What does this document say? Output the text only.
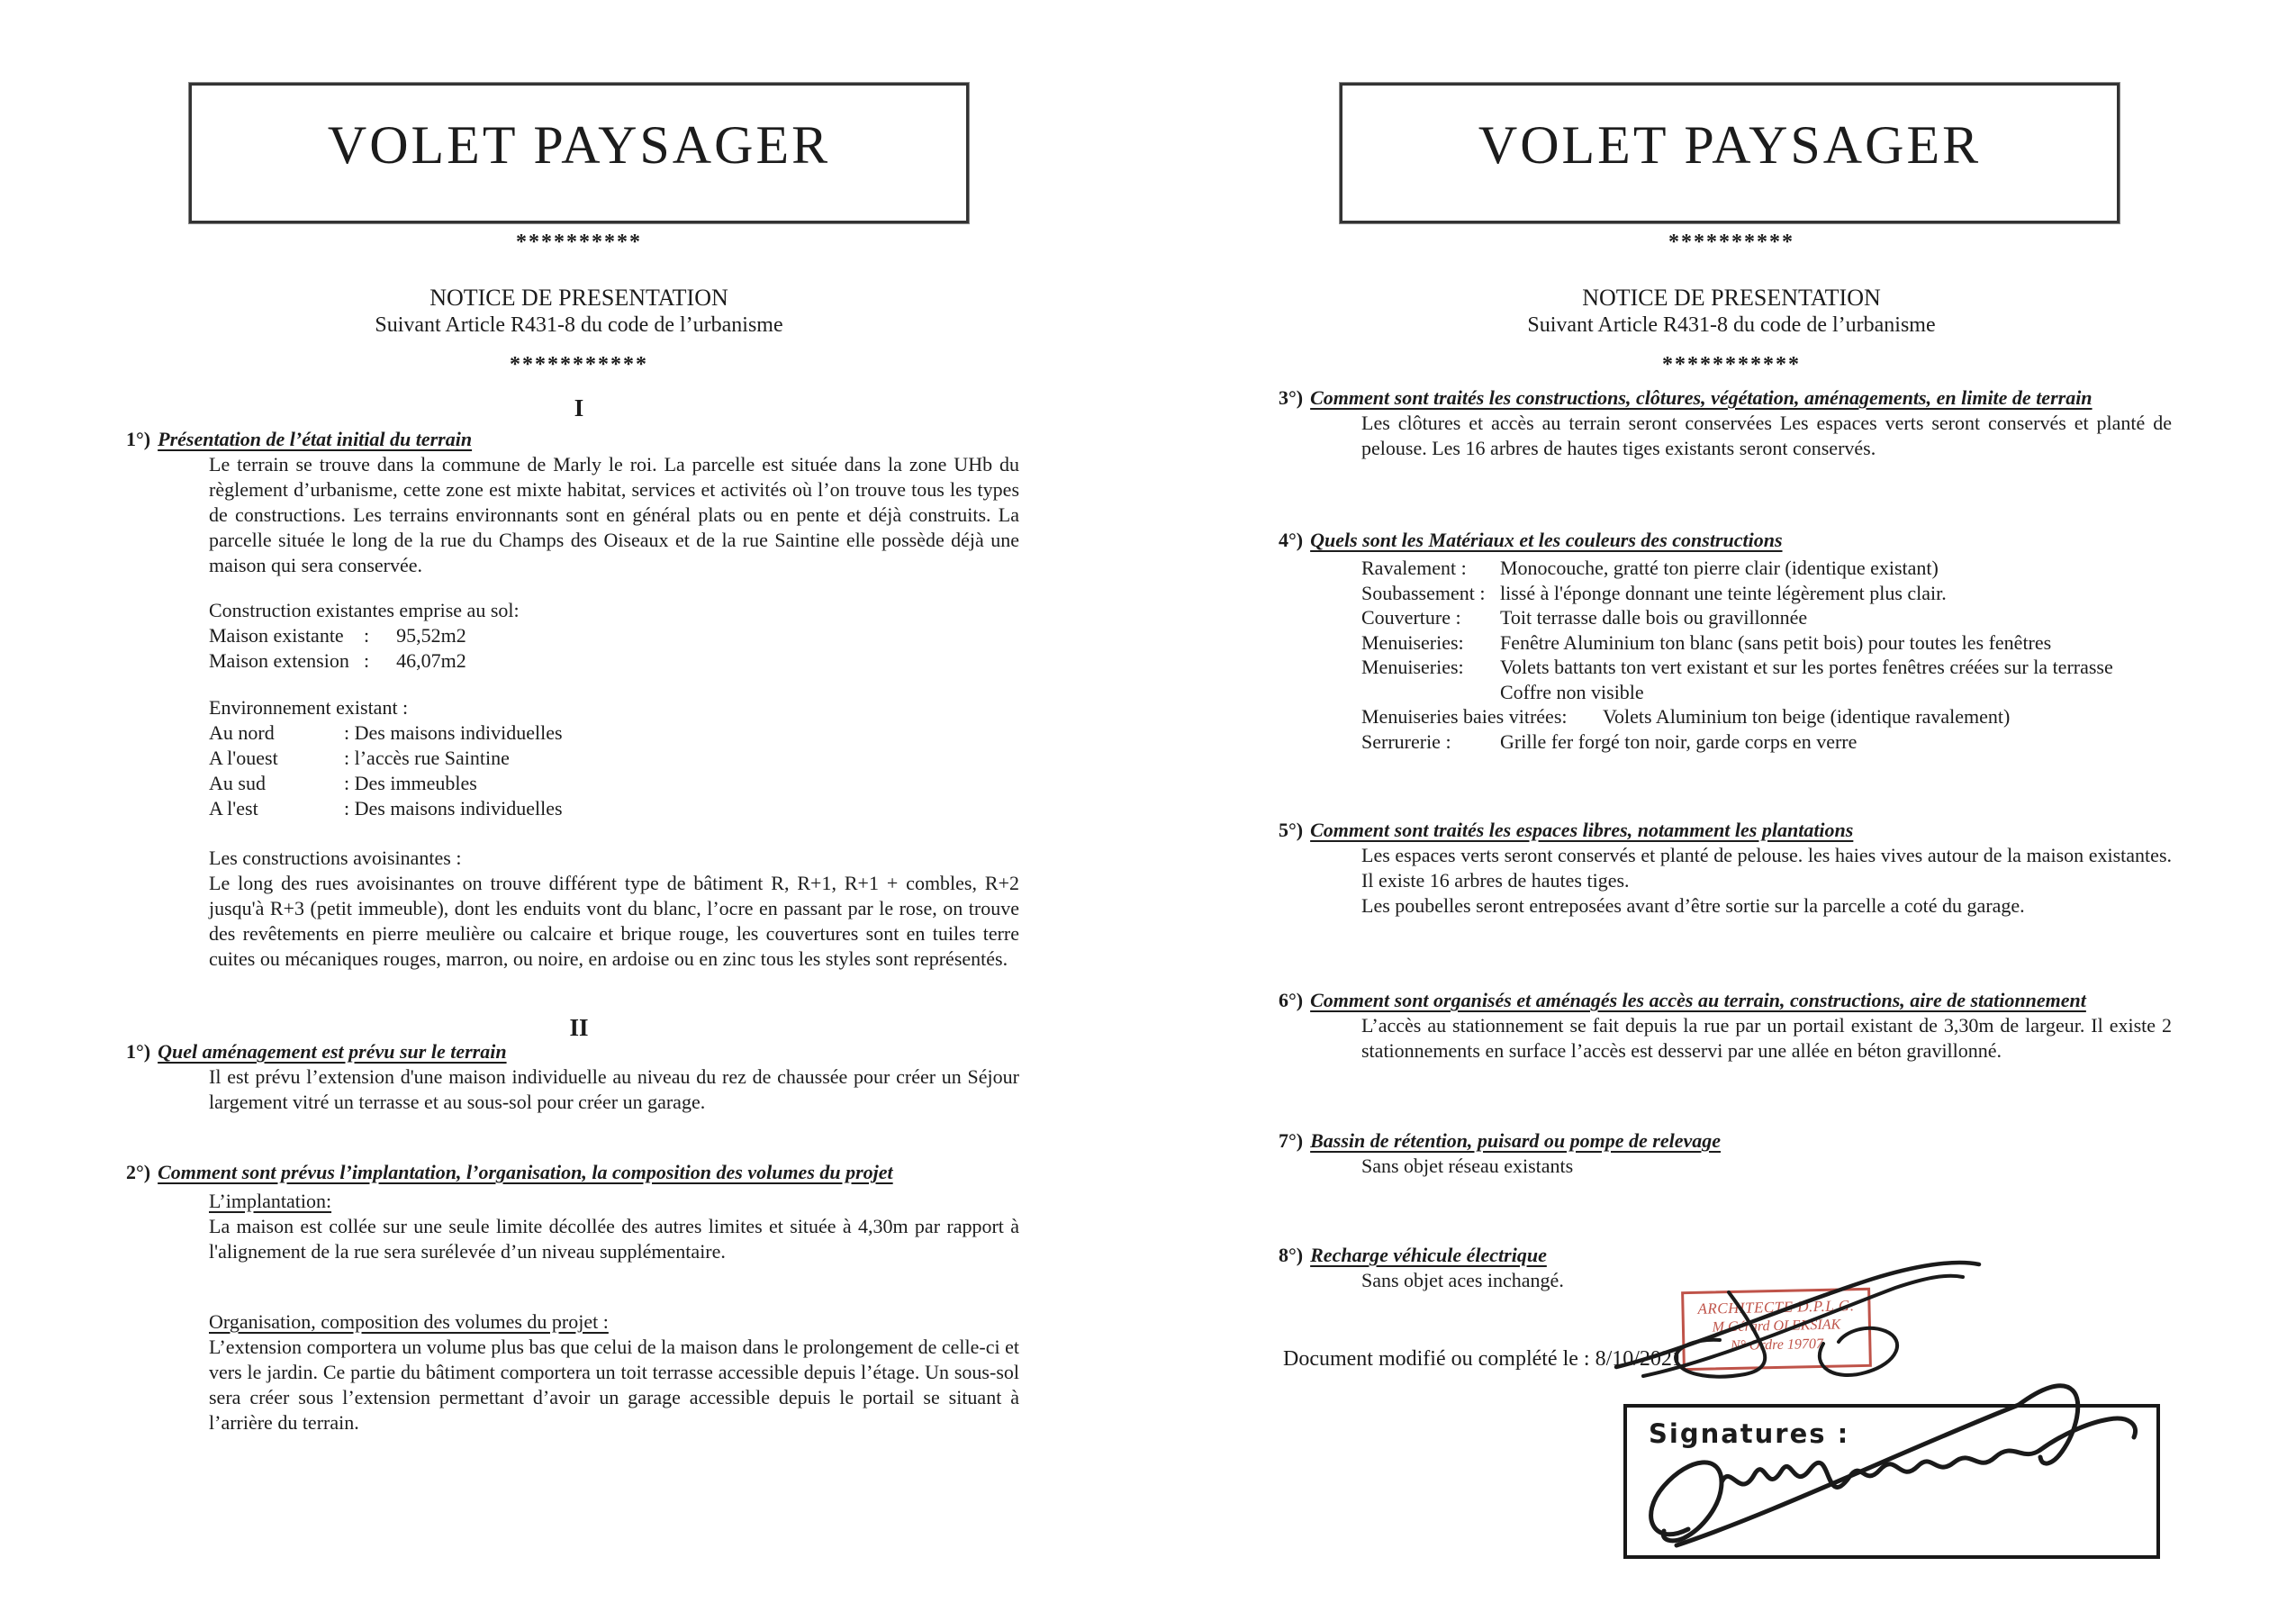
VOLET PAYSAGER
**********
NOTICE DE PRESENTATION
Suivant Article R431-8 du code de l’urbanisme
***********
I
1°) Présentation de l’état initial du terrain
Le terrain se trouve dans la commune de Marly le roi. La parcelle est située dans la zone UHb du règlement d’urbanisme, cette zone est mixte habitat, services et activités où l’on trouve tous les types de constructions. Les terrains environnants sont en général plats ou en pente et déjà construits. La parcelle située le long de la rue du Champs des Oiseaux et de la rue Saintine elle possède déjà une maison qui sera conservée.
Construction existantes emprise au sol:
Maison existante	: 95,52m2
Maison extension : 46,07m2
Environnement existant :
Au nord	: Des maisons individuelles
A l'ouest	: l’accès rue Saintine
Au sud	: Des immeubles
A l'est	: Des maisons individuelles
Les constructions avoisinantes :
Le long des rues avoisinantes on trouve différent type de bâtiment R, R+1, R+1 + combles, R+2 jusqu'à R+3 (petit immeuble), dont les enduits vont du blanc, l’ocre en passant par le rose, on trouve des revêtements en pierre meulière ou calcaire et brique rouge, les couvertures sont en tuiles terre cuites ou mécaniques rouges, marron, ou noire, en ardoise ou en zinc tous les styles sont représentés.
II
1°) Quel aménagement est prévu sur le terrain
Il est prévu l’extension d'une maison individuelle au niveau du rez de chaussée pour créer un Séjour largement vitré un terrasse et au sous-sol pour créer un garage.
2°) Comment sont prévus l’implantation, l’organisation, la composition des volumes du projet
L’implantation:
La maison est collée sur une seule limite décollée des autres limites et située à 4,30m par rapport à l'alignement de la rue sera surélevée d’un niveau supplémentaire.
Organisation, composition des volumes du projet :
L’extension comportera un volume plus bas que celui de la maison dans le prolongement de celle-ci et vers le jardin. Ce partie du bâtiment comportera un toit terrasse accessible depuis l’étage. Un sous-sol sera créer sous l’extension permettant d’avoir un garage accessible depuis le portail se situant à l’arrière du terrain.
VOLET PAYSAGER
**********
NOTICE DE PRESENTATION
Suivant Article R431-8 du code de l’urbanisme
***********
3°) Comment sont traités les constructions, clôtures, végétation, aménagements, en limite de terrain
Les clôtures et accès au terrain seront conservées Les espaces verts seront conservés et planté de pelouse. Les 16 arbres de hautes tiges existants seront conservés.
4°) Quels sont les Matériaux et les couleurs des constructions
Ravalement :	Monocouche, gratté ton pierre clair (identique existant)
Soubassement : lissé à l'éponge donnant une teinte légèrement plus clair.
Couverture :	Toit terrasse dalle bois ou gravillonnée
Menuiseries:	Fenêtre Aluminium ton blanc (sans petit bois) pour toutes les fenêtres
Menuiseries:	Volets battants ton vert existant et sur les portes fenêtres créées sur la terrasse
Coffre non visible
Menuiseries baies vitrées:	Volets Aluminium ton beige (identique ravalement)
Serrurerie :	Grille fer forgé ton noir, garde corps en verre
5°) Comment sont traités les espaces libres, notamment les plantations
Les espaces verts seront conservés et planté de pelouse. les haies vives autour de la maison existantes. Il existe 16 arbres de hautes tiges.
Les poubelles seront entreposées avant d’être sortie sur la parcelle a coté du garage.
6°) Comment sont organisés et aménagés les accès au terrain, constructions, aire de stationnement
L’accès au stationnement se fait depuis la rue par un portail existant de 3,30m de largeur. Il existe 2 stationnements en surface l’accès est desservi par une allée en béton gravillonné.
7°) Bassin de rétention, puisard ou pompe de relevage
Sans objet réseau existants
8°) Recharge véhicule électrique
Sans objet aces inchangé.
ARCHITECTE D.P.L.G.
M Gérard OLEKSIAK
N° Ordre 19707
Document modifié ou complété le : 8/10/2021
Signatures :
